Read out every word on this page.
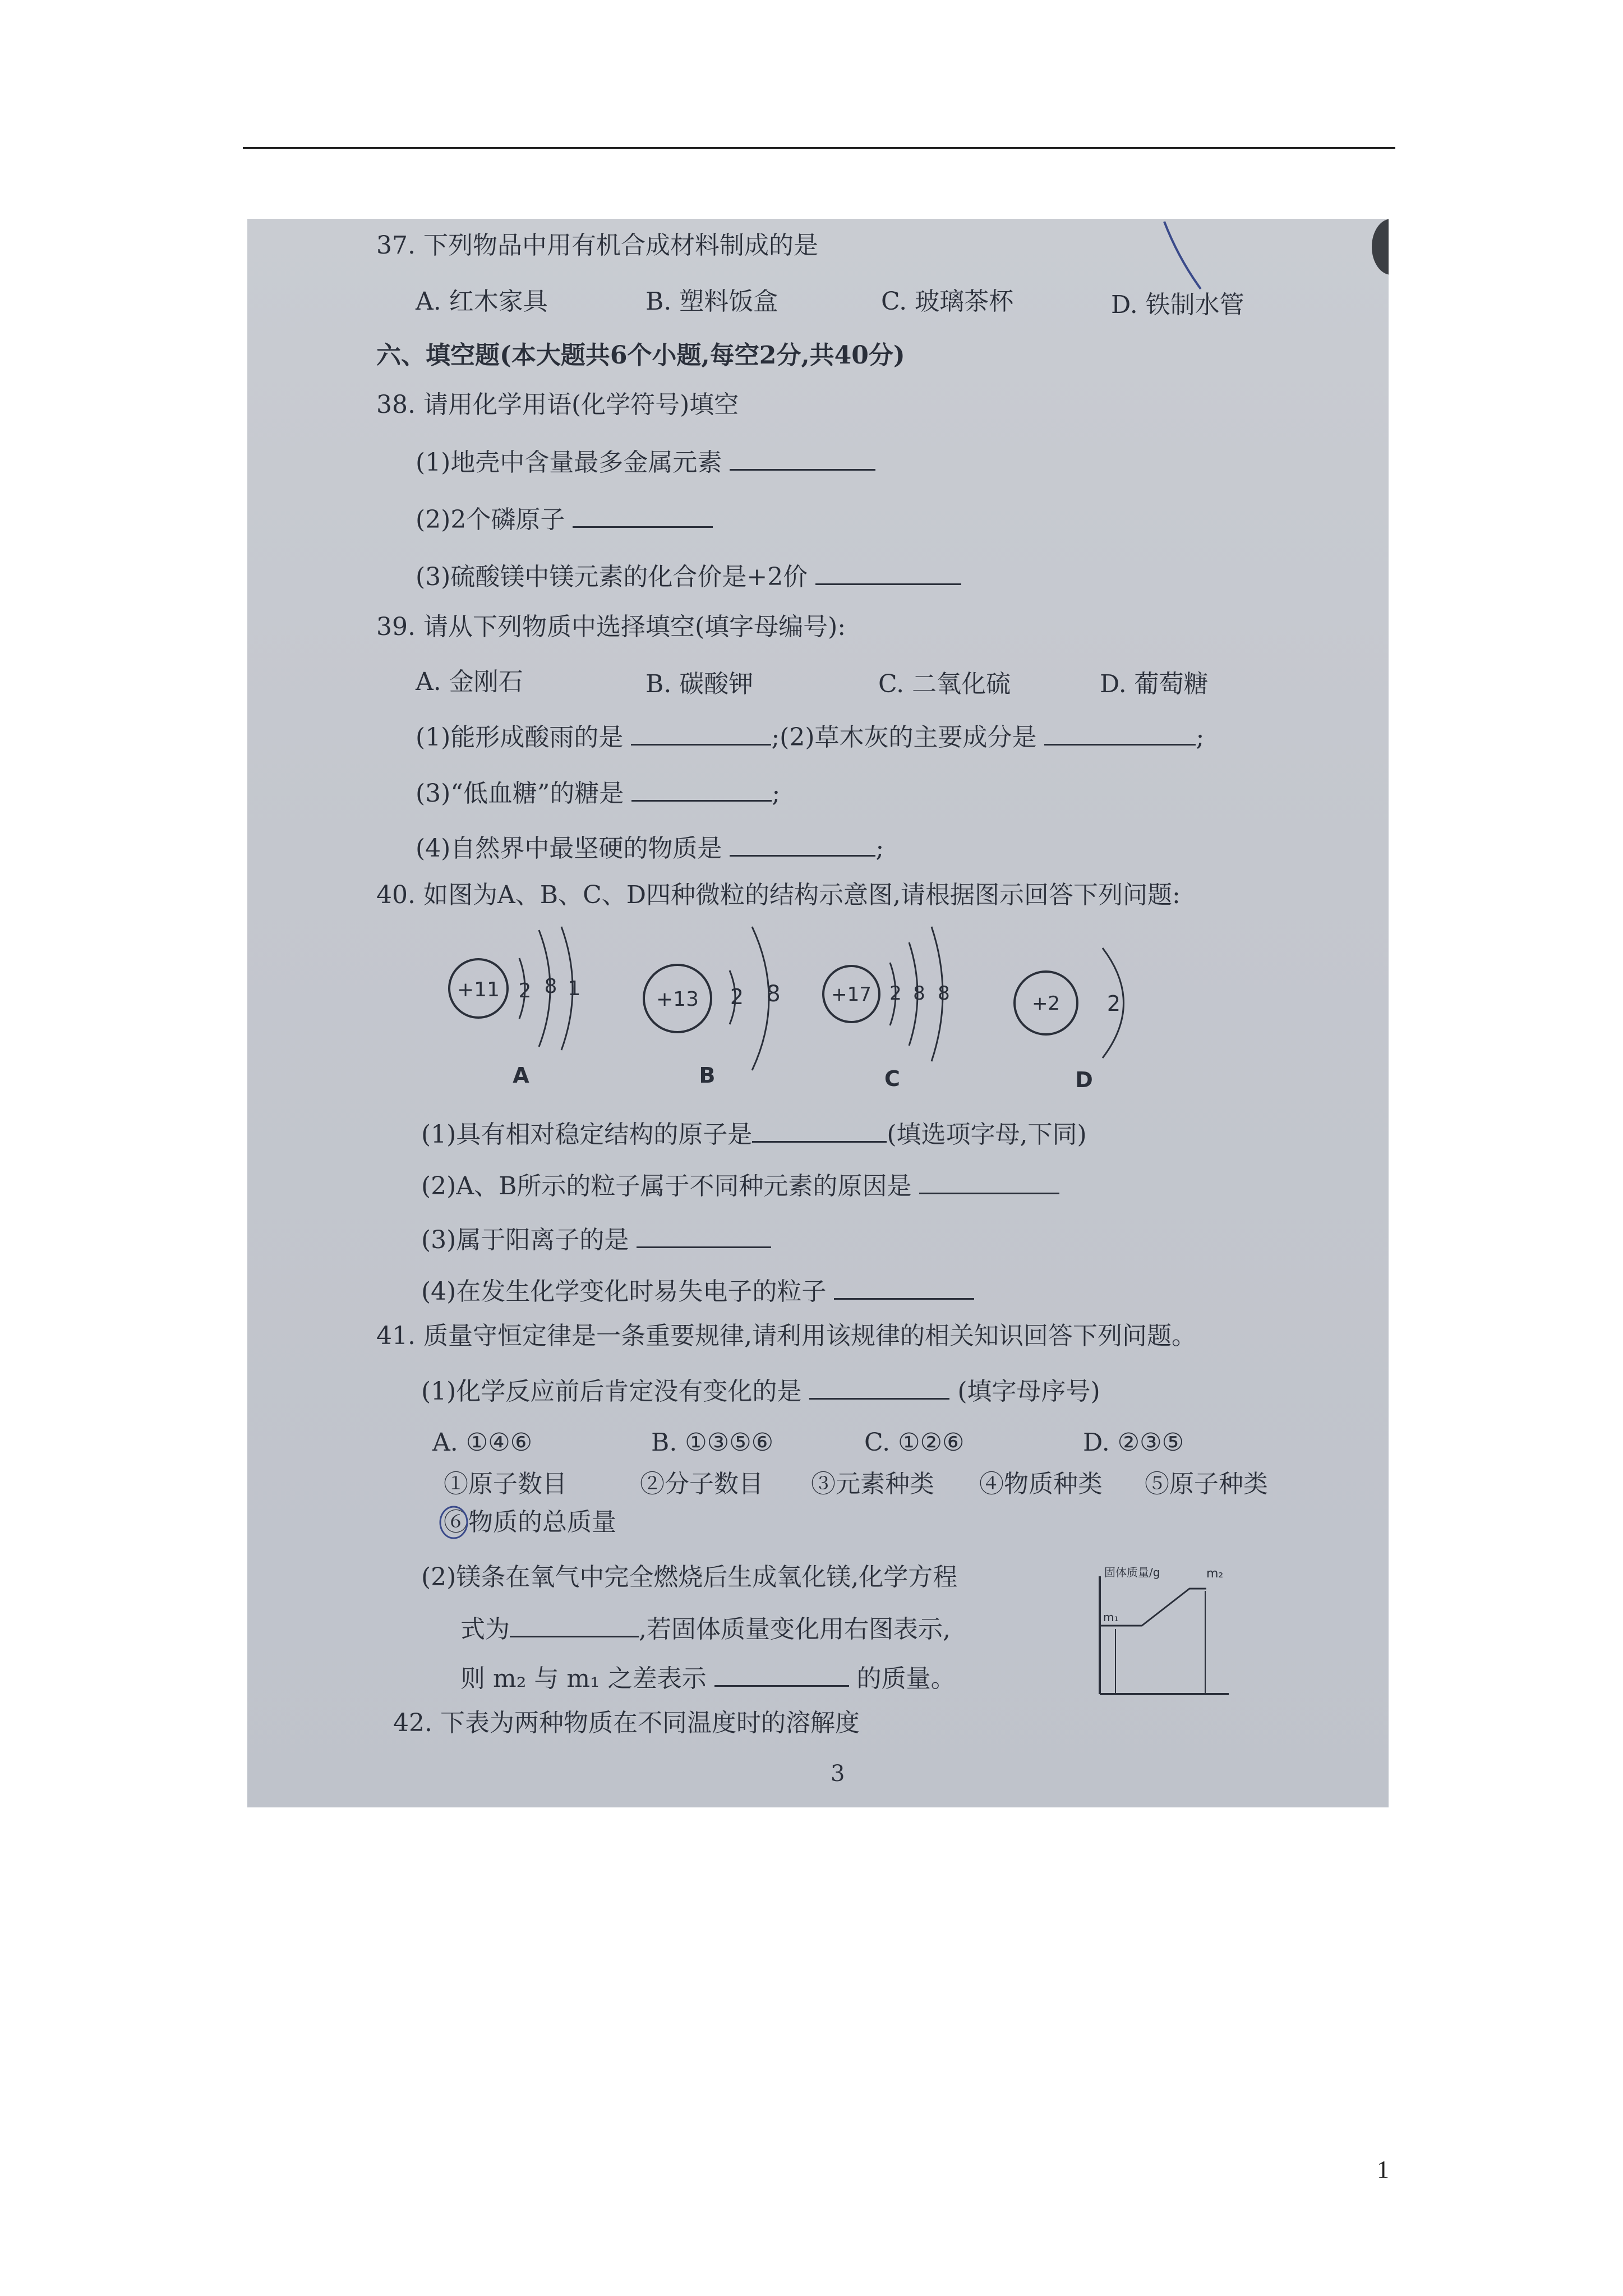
37. 下列物品中用有机合成材料制成的是
A. 红木家具	B. 塑料饭盒	C. 玻璃茶杯	D. 铁制水管
六、填空题(本大题共6个小题,每空2分,共40分)
38. 请用化学用语(化学符号)填空
(1)地壳中含量最多金属元素
(2)2个磷原子
(3)硫酸镁中镁元素的化合价是+2价
39. 请从下列物质中选择填空(填字母编号):
A. 金刚石	B. 碳酸钾	C. 二氧化硫	D. 葡萄糖
(1)能形成酸雨的是	;(2)草木灰的主要成分是	;
(3)“低血糖”的糖是	;
(4)自然界中最坚硬的物质是	;
40. 如图为A、B、C、D四种微粒的结构示意图,请根据图示回答下列问题:
+11 2 8 1
A
+13 2 8
B
+17 2 8 8
C
+2 2
D
(1)具有相对稳定结构的原子是	(填选项字母,下同)
(2)A、B所示的粒子属于不同种元素的原因是
(3)属于阳离子的是
(4)在发生化学变化时易失电子的粒子
41. 质量守恒定律是一条重要规律,请利用该规律的相关知识回答下列问题。
(1)化学反应前后肯定没有变化的是	(填字母序号)
A. ①④⑥	B. ①③⑤⑥	C. ①②⑥	D. ②③⑤
①原子数目	②分子数目 ③元素种类 ④物质种类 ⑤原子种类
⑥物质的总质量
(2)镁条在氧气中完全燃烧后生成氧化镁,化学方程
式为	,若固体质量变化用右图表示,
则 m₂ 与 m₁ 之差表示	的质量。
固体质量/g
m₁
m₂
42. 下表为两种物质在不同温度时的溶解度
3
1
